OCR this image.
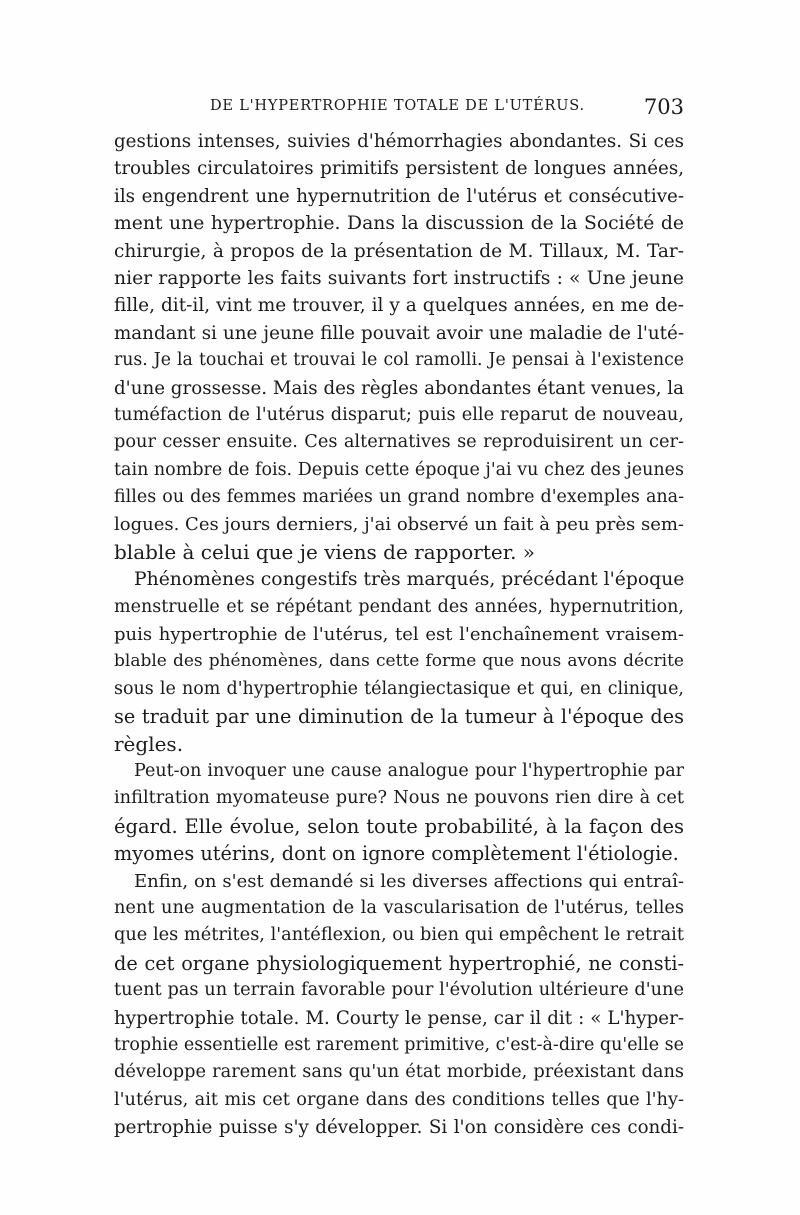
DE L'HYPERTROPHIE TOTALE DE L'UTÉRUS.	703
gestions intenses, suivies d'hémorrhagies abondantes. Si ces
troubles circulatoires primitifs persistent de longues années,
ils engendrent une hypernutrition de l'utérus et consécutive-
ment une hypertrophie. Dans la discussion de la Société de
chirurgie, à propos de la présentation de M. Tillaux, M. Tar-
nier rapporte les faits suivants fort instructifs : « Une jeune
fille, dit-il, vint me trouver, il y a quelques années, en me de-
mandant si une jeune fille pouvait avoir une maladie de l'uté-
rus. Je la touchai et trouvai le col ramolli. Je pensai à l'existence
d'une grossesse. Mais des règles abondantes étant venues, la
tuméfaction de l'utérus disparut; puis elle reparut de nouveau,
pour cesser ensuite. Ces alternatives se reproduisirent un cer-
tain nombre de fois. Depuis cette époque j'ai vu chez des jeunes
filles ou des femmes mariées un grand nombre d'exemples ana-
logues. Ces jours derniers, j'ai observé un fait à peu près sem-
blable à celui que je viens de rapporter. »
Phénomènes congestifs très marqués, précédant l'époque
menstruelle et se répétant pendant des années, hypernutrition,
puis hypertrophie de l'utérus, tel est l'enchaînement vraisem-
blable des phénomènes, dans cette forme que nous avons décrite
sous le nom d'hypertrophie télangiectasique et qui, en clinique,
se traduit par une diminution de la tumeur à l'époque des
règles.
Peut-on invoquer une cause analogue pour l'hypertrophie par
infiltration myomateuse pure? Nous ne pouvons rien dire à cet
égard. Elle évolue, selon toute probabilité, à la façon des
myomes utérins, dont on ignore complètement l'étiologie.
Enfin, on s'est demandé si les diverses affections qui entraî-
nent une augmentation de la vascularisation de l'utérus, telles
que les métrites, l'antéflexion, ou bien qui empêchent le retrait
de cet organe physiologiquement hypertrophié, ne consti-
tuent pas un terrain favorable pour l'évolution ultérieure d'une
hypertrophie totale. M. Courty le pense, car il dit : « L'hyper-
trophie essentielle est rarement primitive, c'est-à-dire qu'elle se
développe rarement sans qu'un état morbide, préexistant dans
l'utérus, ait mis cet organe dans des conditions telles que l'hy-
pertrophie puisse s'y développer. Si l'on considère ces condi-
